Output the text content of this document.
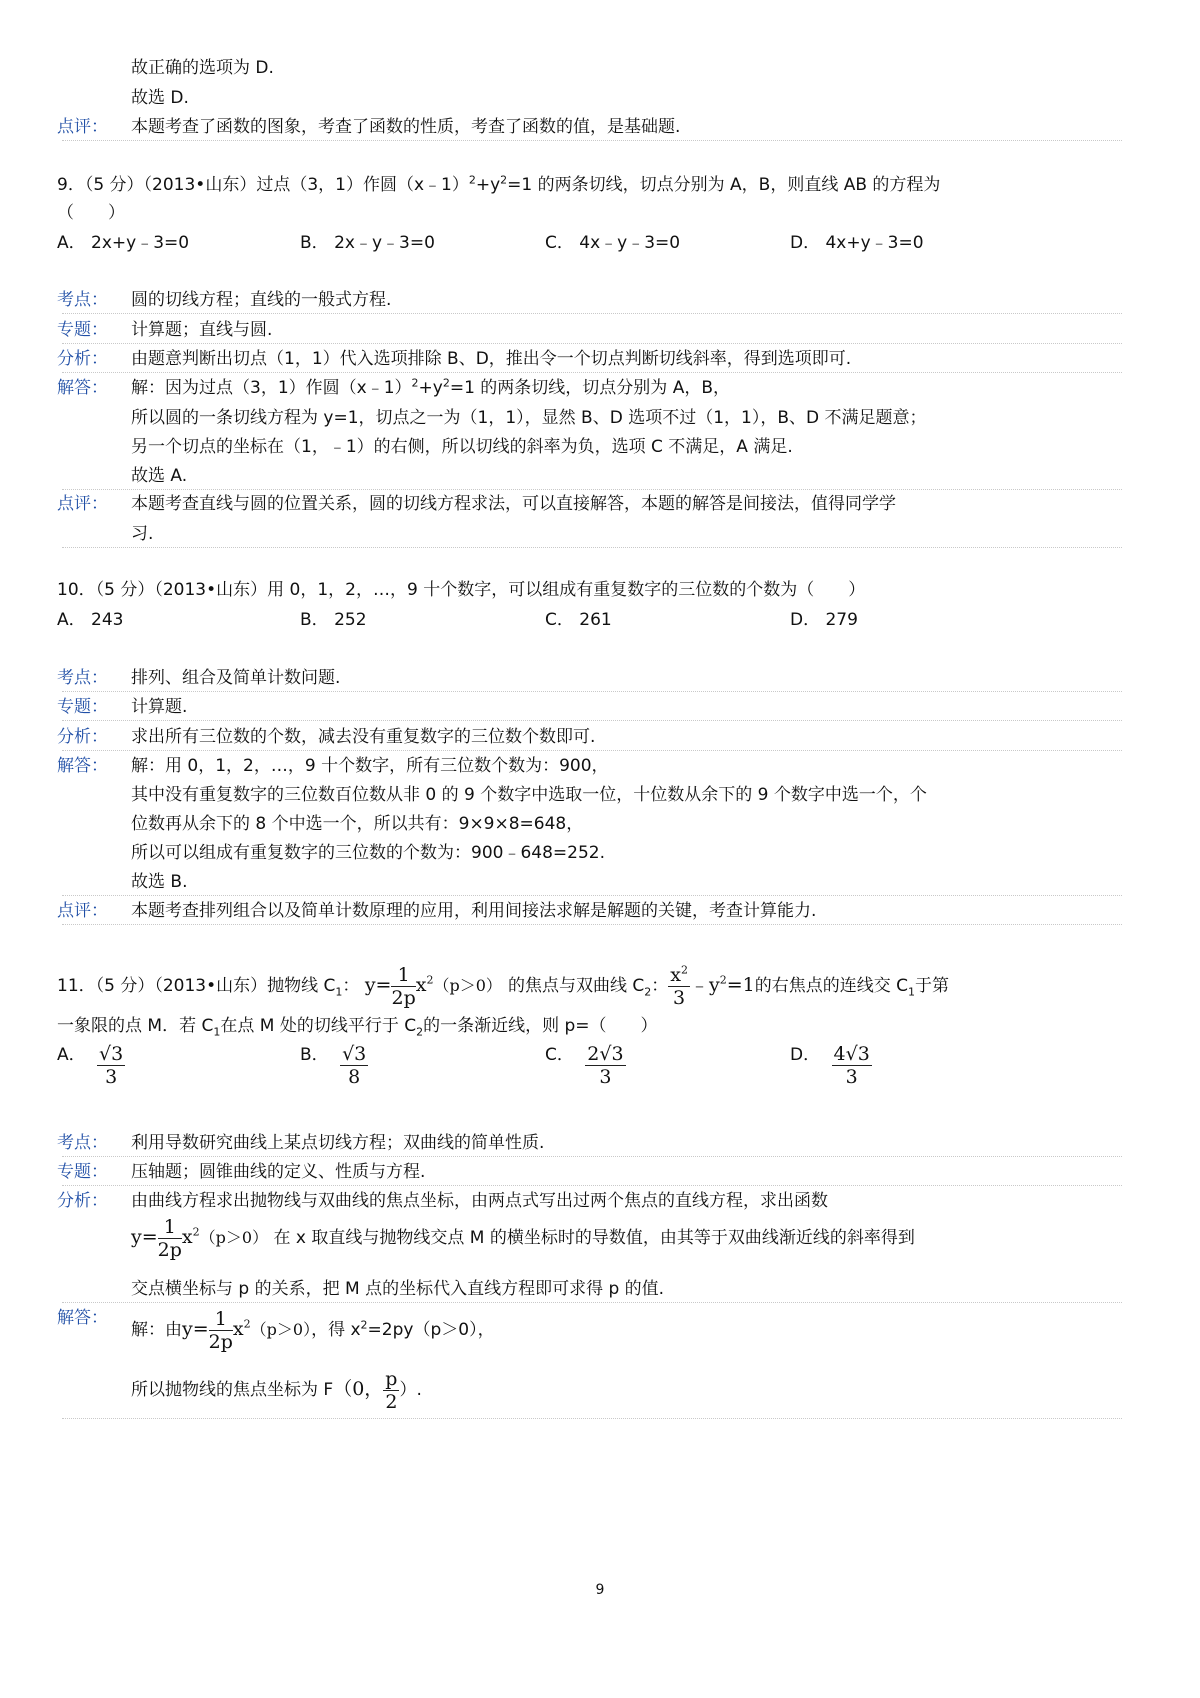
故正确的选项为 D.
故选 D.
点评： 本题考查了函数的图象，考查了函数的性质，考查了函数的值，是基础题.
9．（5 分）（2013•山东）过点（3，1）作圆$(x﹣1)^2+y^2=1$ 的两条切线，切点分别为 A，B，则直线 AB 的方程为
（　　）
A． 2x+y﹣3=0	B． 2x﹣y﹣3=0	C． 4x﹣y﹣3=0	D． 4x+y﹣3=0
考点： 圆的切线方程；直线的一般式方程.
专题： 计算题；直线与圆.
分析： 由题意判断出切点（1，1）代入选项排除 B、D，推出令一个切点判断切线斜率，得到选项即可.
解答： 解：因为过点（3，1）作圆$(x﹣1)^2+y^2=1$ 的两条切线，切点分别为 A，B，
所以圆的一条切线方程为 y=1，切点之一为（1，1），显然 B、D 选项不过（1，1），B、D 不满足题意；
另一个切点的坐标在（1，﹣1）的右侧，所以切线的斜率为负，选项 C 不满足，A 满足.
故选 A.
点评： 本题考查直线与圆的位置关系，圆的切线方程求法，可以直接解答，本题的解答是间接法，值得同学学
习.
10．（5 分）（2013•山东）用 0，1，2，…，9 十个数字，可以组成有重复数字的三位数的个数为（　　）
A． 243	B． 252	C． 261	D． 279
考点： 排列、组合及简单计数问题.
专题： 计算题.
分析： 求出所有三位数的个数，减去没有重复数字的三位数个数即可.
解答： 解：用 0，1，2，…，9 十个数字，所有三位数个数为：900，
其中没有重复数字的三位数百位数从非 0 的 9 个数字中选取一位，十位数从余下的 9 个数字中选一个，个
位数再从余下的 8 个中选一个，所以共有：9×9×8=648，
所以可以组成有重复数字的三位数的个数为：900﹣648=252.
故选 B.
点评： 本题考查排列组合以及简单计数原理的应用，利用间接法求解是解题的关键，考查计算能力.
11．（5 分）（2013•山东）抛物线 $C_1$： $y= \frac{1}{2p} x^2(p>0)$ 的焦点与双曲线 $C_2$： $\frac{x^2}{3}$ $﹣y^2=1$的右焦点的连线交 $C_1$于第
一象限的点 M．若 $C_1$在点 M 处的切线平行于 $C_2$的一条渐近线，则 p=（　　）
A． $\frac{√3}{3}$	B． $\frac{√3}{8}$	C． $\frac{2√3}{3}$	D． $\frac{4√3}{3}$
考点： 利用导数研究曲线上某点切线方程；双曲线的简单性质.
专题： 压轴题；圆锥曲线的定义、性质与方程.
分析： 由曲线方程求出抛物线与双曲线的焦点坐标，由两点式写出过两个焦点的直线方程，求出函数
$y= \frac{1}{2p} x^2(p>0)$ 在 x 取直线与抛物线交点 M 的横坐标时的导数值，由其等于双曲线渐近线的斜率得到
交点横坐标与 p 的关系，把 M 点的坐标代入直线方程即可求得 p 的值.
解答：
解：由$y= \frac{1}{2p} x^2(p>0)$，得 $x^2=2py(p>0)$，
所以抛物线的焦点坐标为 F（0， $\frac{p}{2}$ ）.
9
